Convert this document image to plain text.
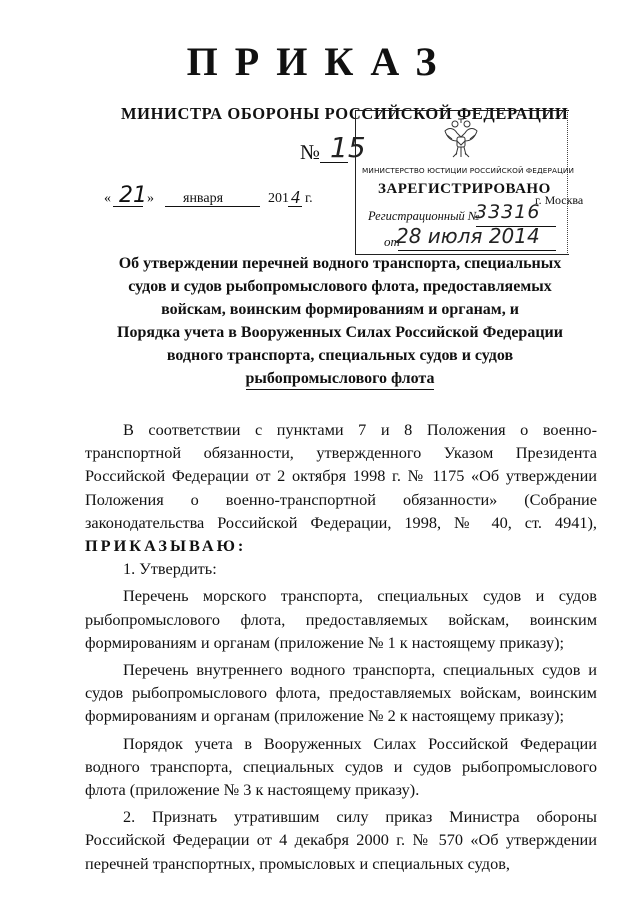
ПРИКАЗ
МИНИСТРА ОБОРОНЫ РОССИЙСКОЙ ФЕДЕРАЦИИ
№ 15
« 21 » января	201 4 г.
МИНИСТЕРСТВО ЮСТИЦИИ РОССИЙСКОЙ ФЕДЕРАЦИИ
ЗАРЕГИСТРИРОВАНО
г. Москва
Регистрационный №
33316
от
28 июля 2014
Об утверждении перечней водного транспорта, специальных
судов и судов рыбопромыслового флота, предоставляемых
войскам, воинским формированиям и органам, и
Порядка учета в Вооруженных Силах Российской Федерации
водного транспорта, специальных судов и судов
рыбопромыслового флота

В соответствии с пунктами 7 и 8 Положения о военно-транспортной обязанности, утвержденного Указом Президента Российской Федерации от 2 октября 1998 г. № 1175 «Об утверждении Положения о военно-транспортной обязанности» (Собрание законодательства Российской Федерации, 1998, № 40, ст. 4941), ПРИКАЗЫВАЮ:

1. Утвердить:

Перечень морского транспорта, специальных судов и судов рыбопромыслового флота, предоставляемых войскам, воинским формированиям и органам (приложение № 1 к настоящему приказу);

Перечень внутреннего водного транспорта, специальных судов и судов рыбопромыслового флота, предоставляемых войскам, воинским формированиям и органам (приложение № 2 к настоящему приказу);

Порядок учета в Вооруженных Силах Российской Федерации водного транспорта, специальных судов и судов рыбопромыслового флота (приложение № 3 к настоящему приказу).

2. Признать утратившим силу приказ Министра обороны Российской Федерации от 4 декабря 2000 г. № 570 «Об утверждении перечней транспортных, промысловых и специальных судов,
